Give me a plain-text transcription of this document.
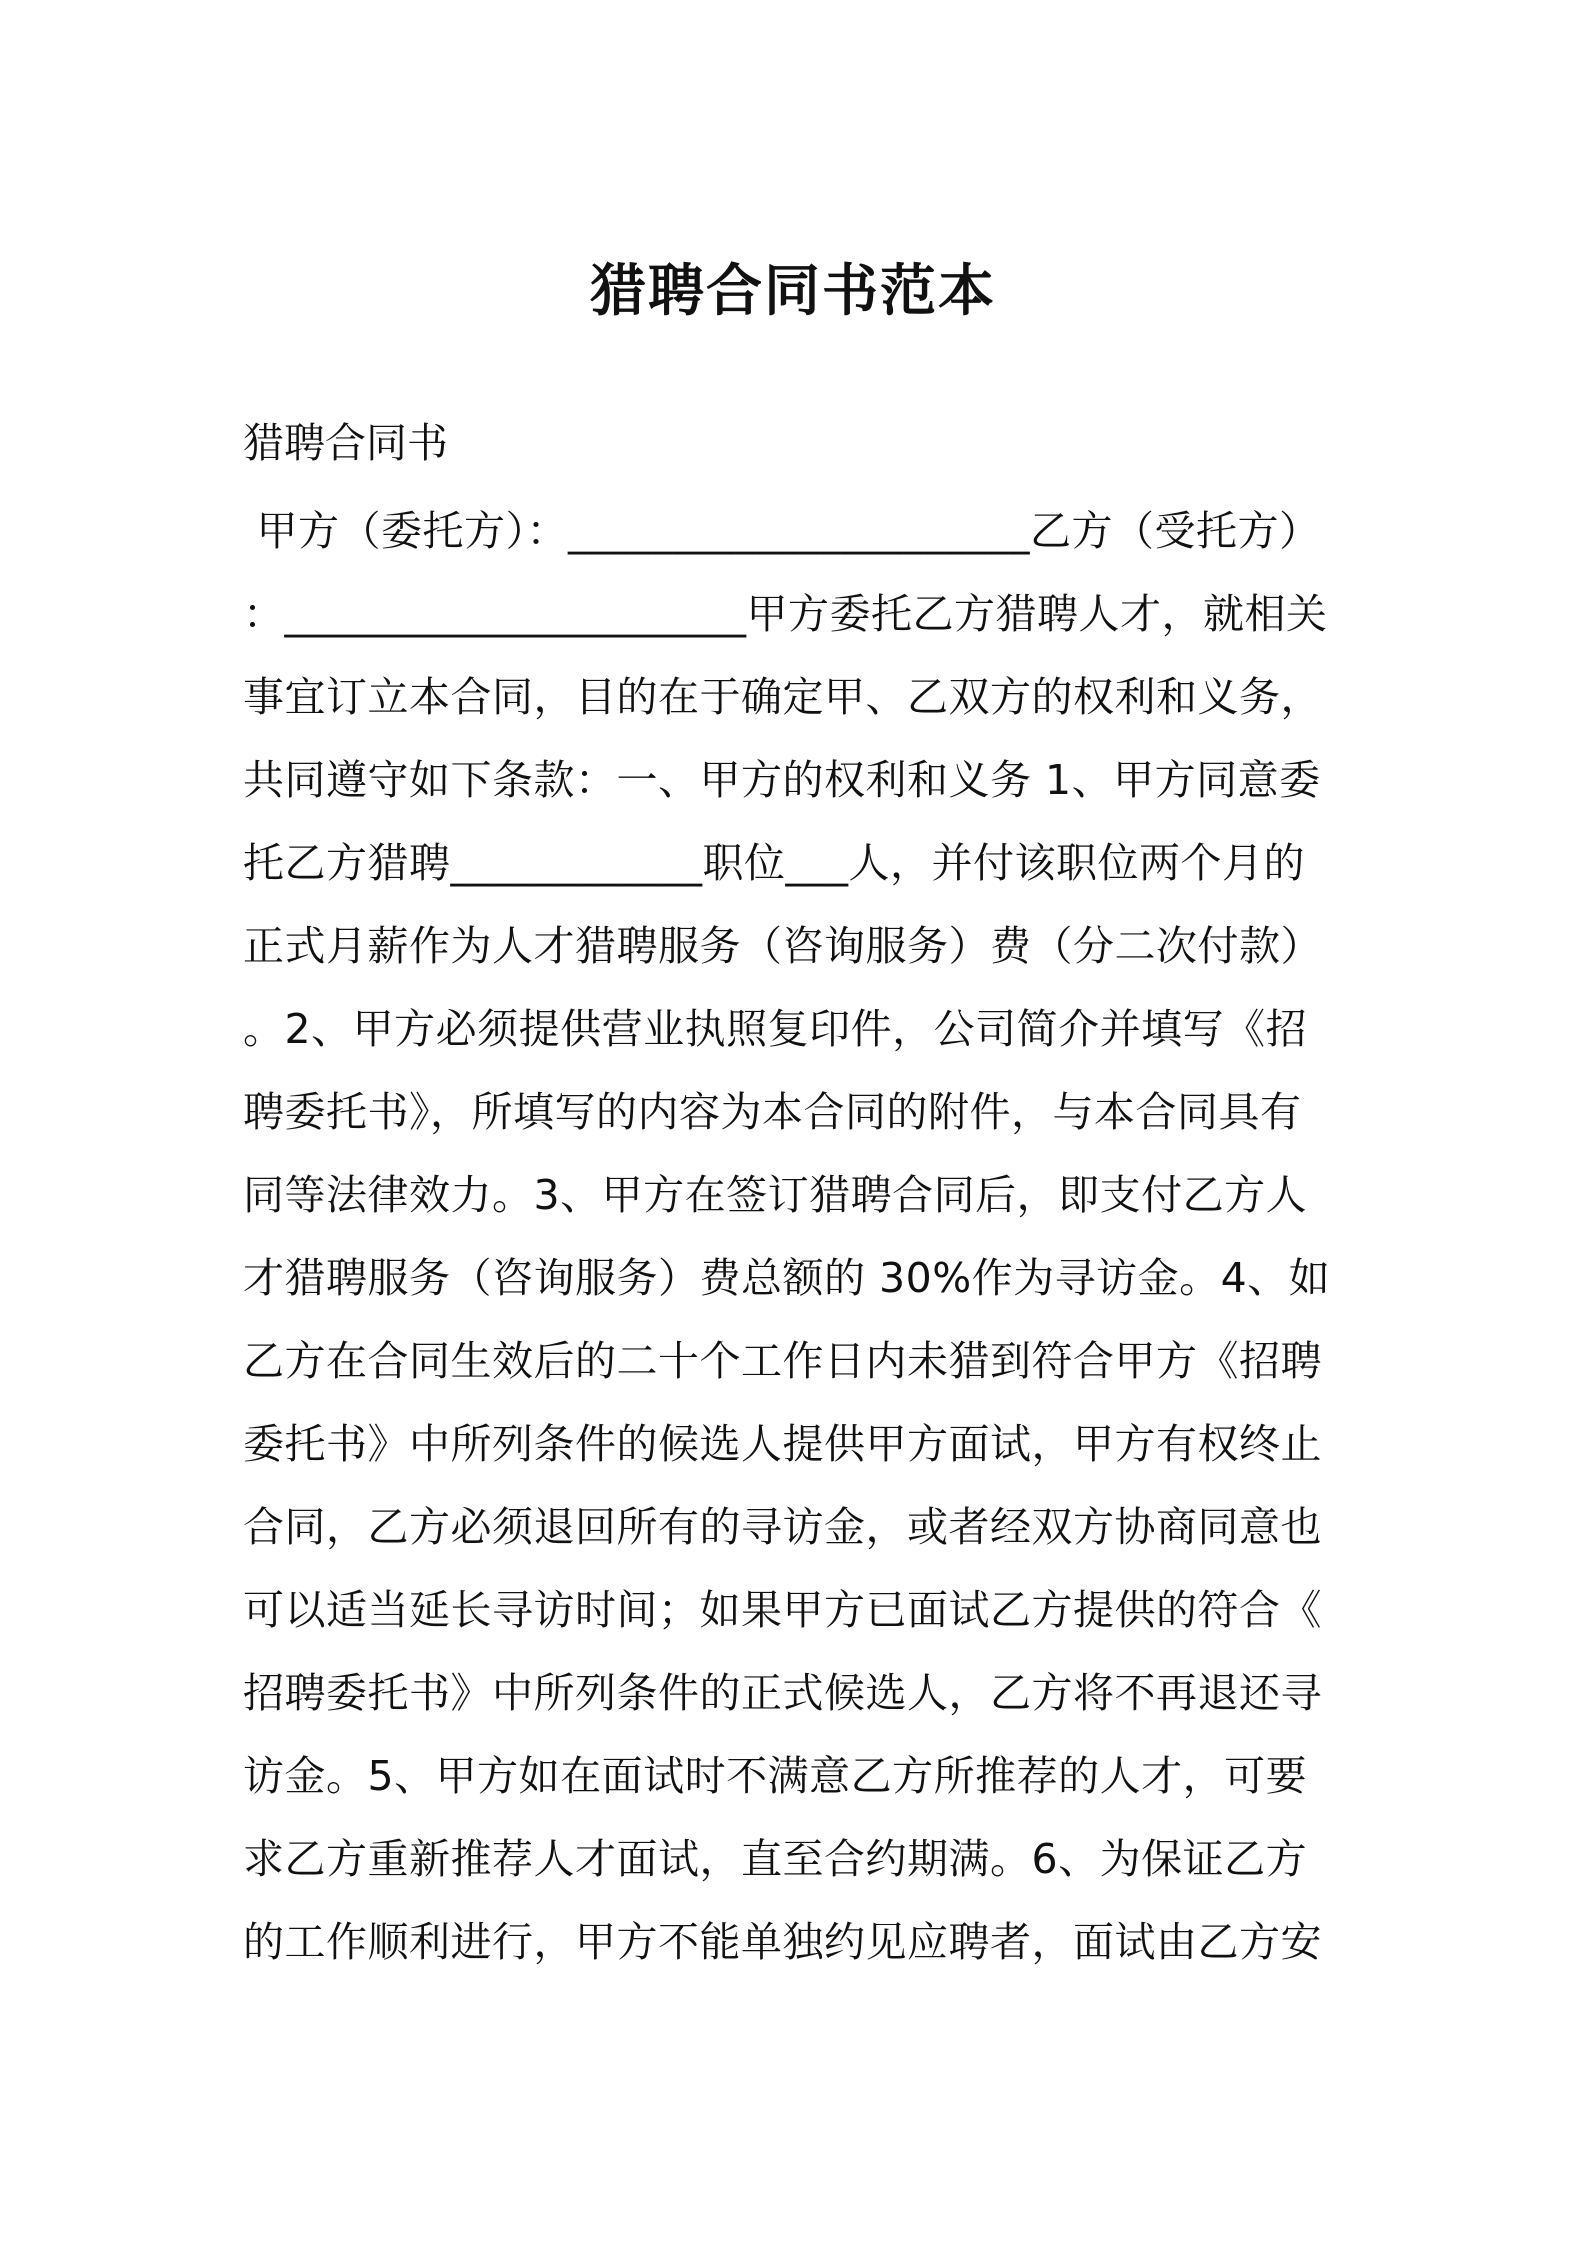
猎聘合同书范本
猎聘合同书
甲方（委托方）：______________________乙方（受托方）
：______________________甲方委托乙方猎聘人才，就相关
事宜订立本合同，目的在于确定甲、乙双方的权利和义务，
共同遵守如下条款：一、甲方的权利和义务 1、甲方同意委
托乙方猎聘____________职位___人，并付该职位两个月的
正式月薪作为人才猎聘服务（咨询服务）费（分二次付款）
。2、甲方必须提供营业执照复印件，公司简介并填写《招
聘委托书》，所填写的内容为本合同的附件，与本合同具有
同等法律效力。3、甲方在签订猎聘合同后，即支付乙方人
才猎聘服务（咨询服务）费总额的 30%作为寻访金。4、如
乙方在合同生效后的二十个工作日内未猎到符合甲方《招聘
委托书》中所列条件的候选人提供甲方面试，甲方有权终止
合同，乙方必须退回所有的寻访金，或者经双方协商同意也
可以适当延长寻访时间；如果甲方已面试乙方提供的符合《
招聘委托书》中所列条件的正式候选人，乙方将不再退还寻
访金。5、甲方如在面试时不满意乙方所推荐的人才，可要
求乙方重新推荐人才面试，直至合约期满。6、为保证乙方
的工作顺利进行，甲方不能单独约见应聘者，面试由乙方安
